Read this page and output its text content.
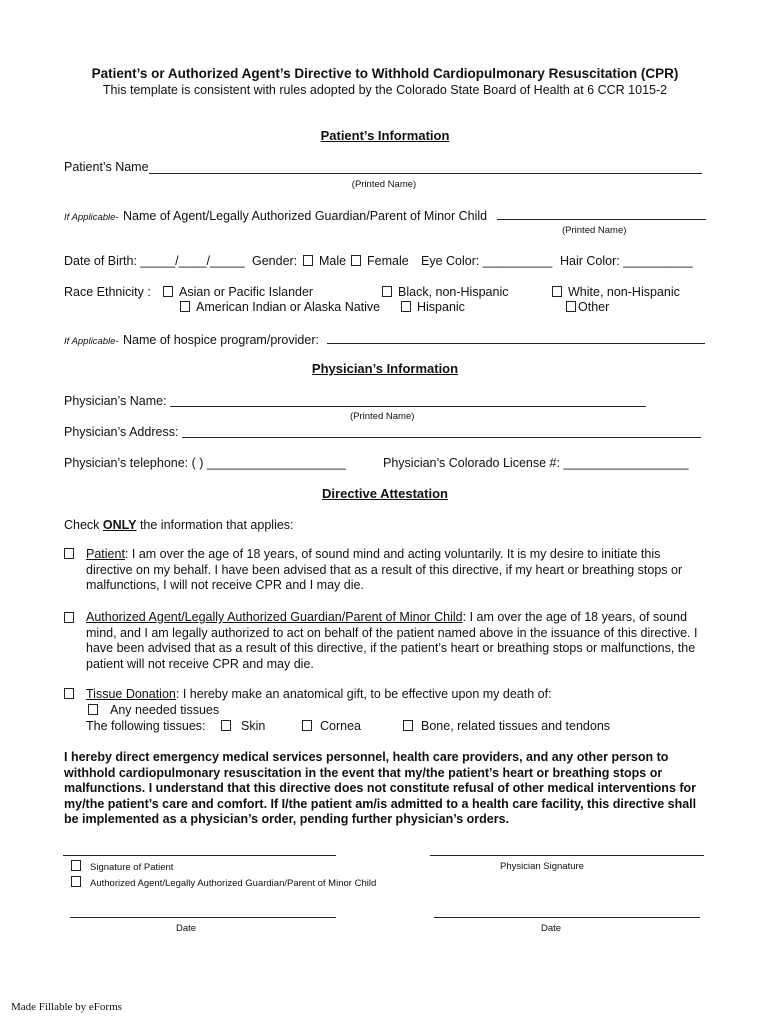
Patient’s or Authorized Agent’s Directive to Withhold Cardiopulmonary Resuscitation (CPR)
This template is consistent with rules adopted by the Colorado State Board of Health at 6 CCR 1015-2
Patient’s Information
Patient’s Name
(Printed Name)
If Applicable- Name of Agent/Legally Authorized Guardian/Parent of Minor Child
(Printed Name)
Date of Birth: _____/____/_____ Gender:	Male	Female Eye Color: __________ Hair Color: __________
Race Ethnicity :	Asian or Pacific Islander	Black, non-Hispanic	White, non-Hispanic
American Indian or Alaska Native	Hispanic	Other
If Applicable- Name of hospice program/provider:
Physician’s Information
Physician’s Name:
(Printed Name)
Physician’s Address:
Physician’s telephone: ( ) ____________________	Physician’s Colorado License #: __________________
Directive Attestation
Check ONLY the information that applies:
Patient: I am over the age of 18 years, of sound mind and acting voluntarily. It is my desire to initiate this
directive on my behalf. I have been advised that as a result of this directive, if my heart or breathing stops or
malfunctions, I will not receive CPR and I may die.
Authorized Agent/Legally Authorized Guardian/Parent of Minor Child: I am over the age of 18 years, of sound
mind, and I am legally authorized to act on behalf of the patient named above in the issuance of this directive. I
have been advised that as a result of this directive, if the patient’s heart or breathing stops or malfunctions, the
patient will not receive CPR and may die.
Tissue Donation: I hereby make an anatomical gift, to be effective upon my death of:
Any needed tissues
The following tissues:	Skin	Cornea	Bone, related tissues and tendons
I hereby direct emergency medical services personnel, health care providers, and any other person to
withhold cardiopulmonary resuscitation in the event that my/the patient’s heart or breathing stops or
malfunctions. I understand that this directive does not constitute refusal of other medical interventions for
my/the patient’s care and comfort. If I/the patient am/is admitted to a health care facility, this directive shall
be implemented as a physician’s order, pending further physician’s orders.
Signature of Patient
Authorized Agent/Legally Authorized Guardian/Parent of Minor Child
Physician Signature
Date	Date
Made Fillable by eForms
